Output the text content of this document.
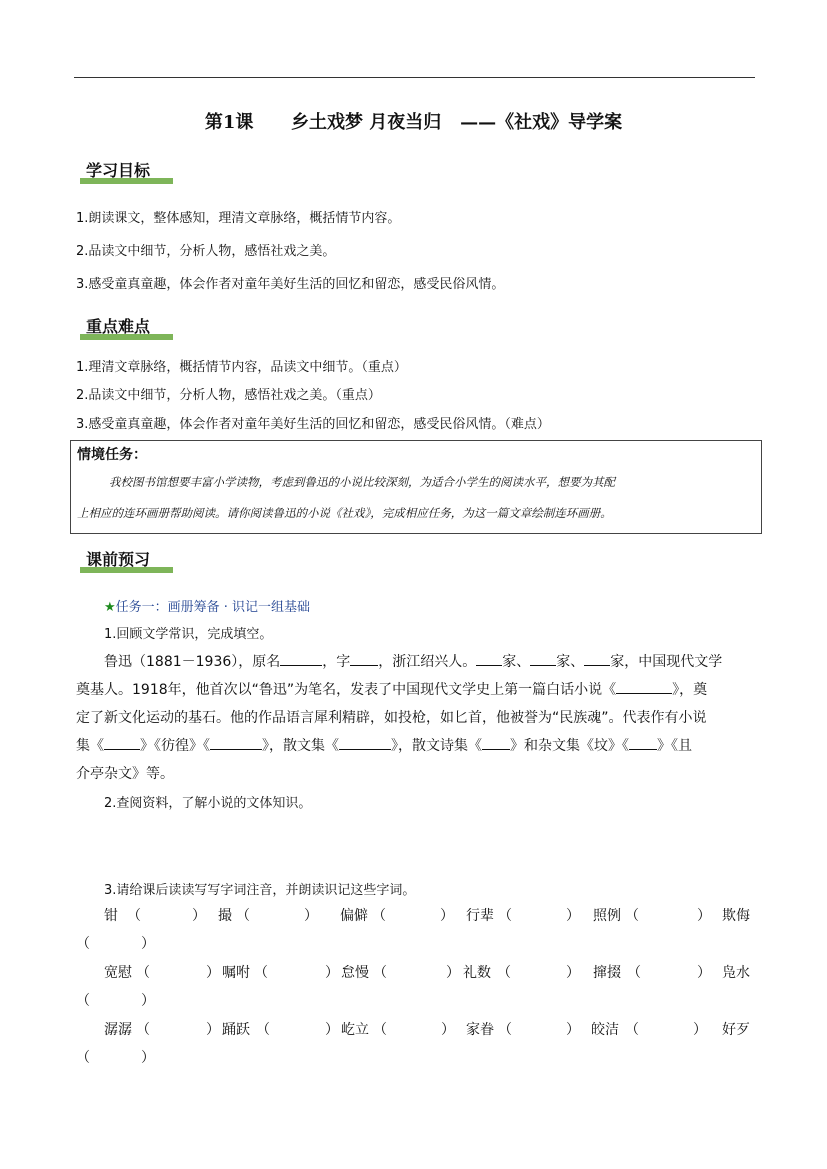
第1课 乡土戏梦 月夜当归 ——《社戏》导学案
学习目标
1.朗读课文，整体感知，理清文章脉络，概括情节内容。
2.品读文中细节，分析人物，感悟社戏之美。
3.感受童真童趣，体会作者对童年美好生活的回忆和留恋，感受民俗风情。
重点难点
1.理清文章脉络，概括情节内容，品读文中细节。（重点）
2.品读文中细节，分析人物，感悟社戏之美。（重点）
3.感受童真童趣，体会作者对童年美好生活的回忆和留恋，感受民俗风情。（难点）
情境任务：
我校图书馆想要丰富小学读物，考虑到鲁迅的小说比较深刻，为适合小学生的阅读水平，想要为其配
上相应的连环画册帮助阅读。请你阅读鲁迅的小说《社戏》，完成相应任务，为这一篇文章绘制连环画册。
课前预习
★任务一：画册筹备 · 识记一组基础
1.回顾文学常识，完成填空。
鲁迅（1881－1936），原名	，字 ，浙江绍兴人。 家、 家、 家，中国现代文学
奠基人。1918年，他首次以“鲁迅”为笔名，发表了中国现代文学史上第一篇白话小说《	》，奠
定了新文化运动的基石。他的作品语言犀利精辟，如投枪，如匕首，他被誉为“民族魂”。代表作有小说
集《	》《彷徨》《	》，散文集《	》，散文诗集《 》和杂文集《坟》《 》《且
介亭杂文》等。
2.查阅资料，了解小说的文体知识。
3.请给课后读读写写字词注音，并朗读识记这些字词。
钳 （	） 撮 （	） 偏僻 （	） 行辈 （	） 照例 （	） 欺侮
（	）
宽慰 （	） 嘱咐 （	） 怠慢 （	） 礼数 （	） 撺掇 （	） 凫水
（	）
潺潺 （	） 踊跃 （	） 屹立 （	） 家眷 （	） 皎洁 （	） 好歹
（	）
